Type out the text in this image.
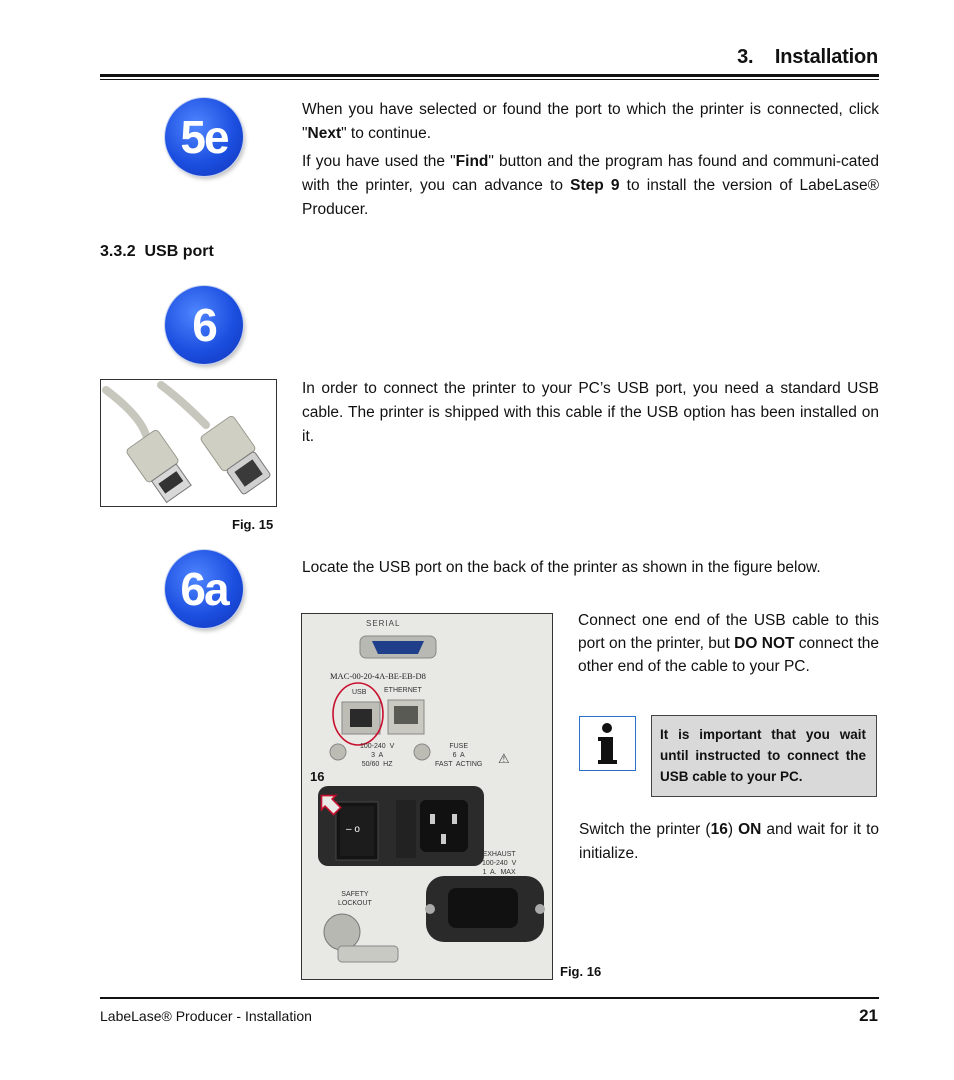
3.    Installation
5e
When you have selected or found the port to which the printer is connected, click "Next" to continue.
If you have used the "Find" button and the program has found and communi-cated with the printer, you can advance to Step 9 to install the version of LabeLase® Producer.
3.3.2  USB port
6
Fig. 15
In order to connect the printer to your PC’s USB port, you need a standard USB cable. The printer is shipped with this cable if the USB option has been installed on it.
6a	Locate the USB port on the back of the printer as shown in the figure below.
SERIAL
MAC-00-20-4A-BE-EB-D8
USB	ETHERNET
100-240  V
3  A
50/60  HZ
FUSE
6  A
FAST  ACTING ⚠
16
– o
EXHAUST
100-240  V
1  A.  MAX
SAFETY
LOCKOUT
Fig. 16
Connect one end of the USB cable to this port on the printer, but DO NOT connect the other end of the cable to your PC.
It is important that you wait until instructed to connect the USB cable to your PC.
Switch the printer (16) ON and wait for it to initialize.
LabeLase® Producer - Installation	21
